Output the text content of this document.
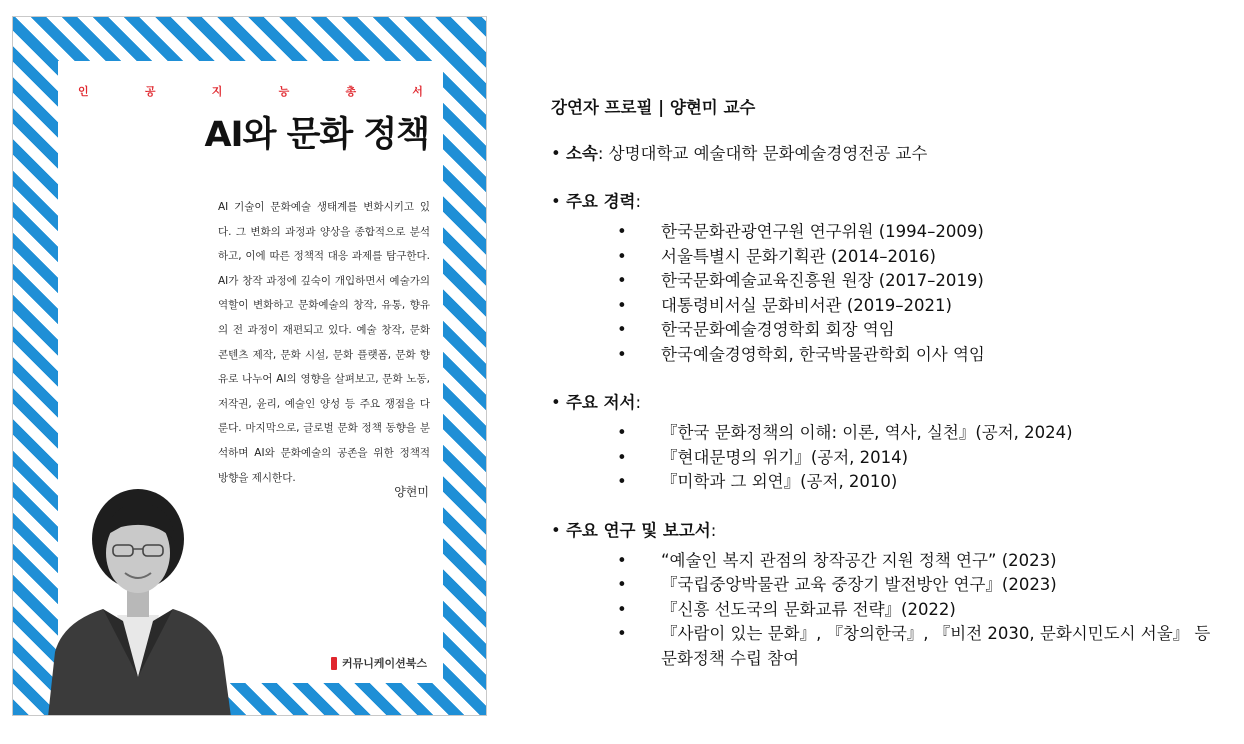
인	공	지	능	총	서
AI와 문화 정책
AI 기술이 문화예술 생태계를 변화시키고 있다. 그 변화의 과정과 양상을 종합적으로 분석하고, 이에 따른 정책적 대응 과제를 탐구한다. AI가 창작 과정에 깊숙이 개입하면서 예술가의 역할이 변화하고 문화예술의 창작, 유통, 향유의 전 과정이 재편되고 있다. 예술 창작, 문화 콘텐츠 제작, 문화 시설, 문화 플랫폼, 문화 향유로 나누어 AI의 영향을 살펴보고, 문화 노동, 저작권, 윤리, 예술인 양성 등 주요 쟁점을 다룬다. 마지막으로, 글로벌 문화 정책 동향을 분석하며 AI와 문화예술의 공존을 위한 정책적 방향을 제시한다.
양현미
커뮤니케이션북스
강연자 프로필 | 양현미 교수
• 소속: 상명대학교 예술대학 문화예술경영전공 교수
• 주요 경력:
• 한국문화관광연구원 연구위원 (1994–2009)
• 서울특별시 문화기획관 (2014–2016)
• 한국문화예술교육진흥원 원장 (2017–2019)
• 대통령비서실 문화비서관 (2019–2021)
• 한국문화예술경영학회 회장 역임
• 한국예술경영학회, 한국박물관학회 이사 역임
• 주요 저서:
• 『한국 문화정책의 이해: 이론, 역사, 실천』(공저, 2024)
• 『현대문명의 위기』(공저, 2014)
• 『미학과 그 외연』(공저, 2010)
• 주요 연구 및 보고서:
• “예술인 복지 관점의 창작공간 지원 정책 연구” (2023)
• 『국립중앙박물관 교육 중장기 발전방안 연구』(2023)
• 『신흥 선도국의 문화교류 전략』(2022)
• 『사람이 있는 문화』, 『창의한국』, 『비전 2030, 문화시민도시 서울』 등 문화정책 수립 참여
